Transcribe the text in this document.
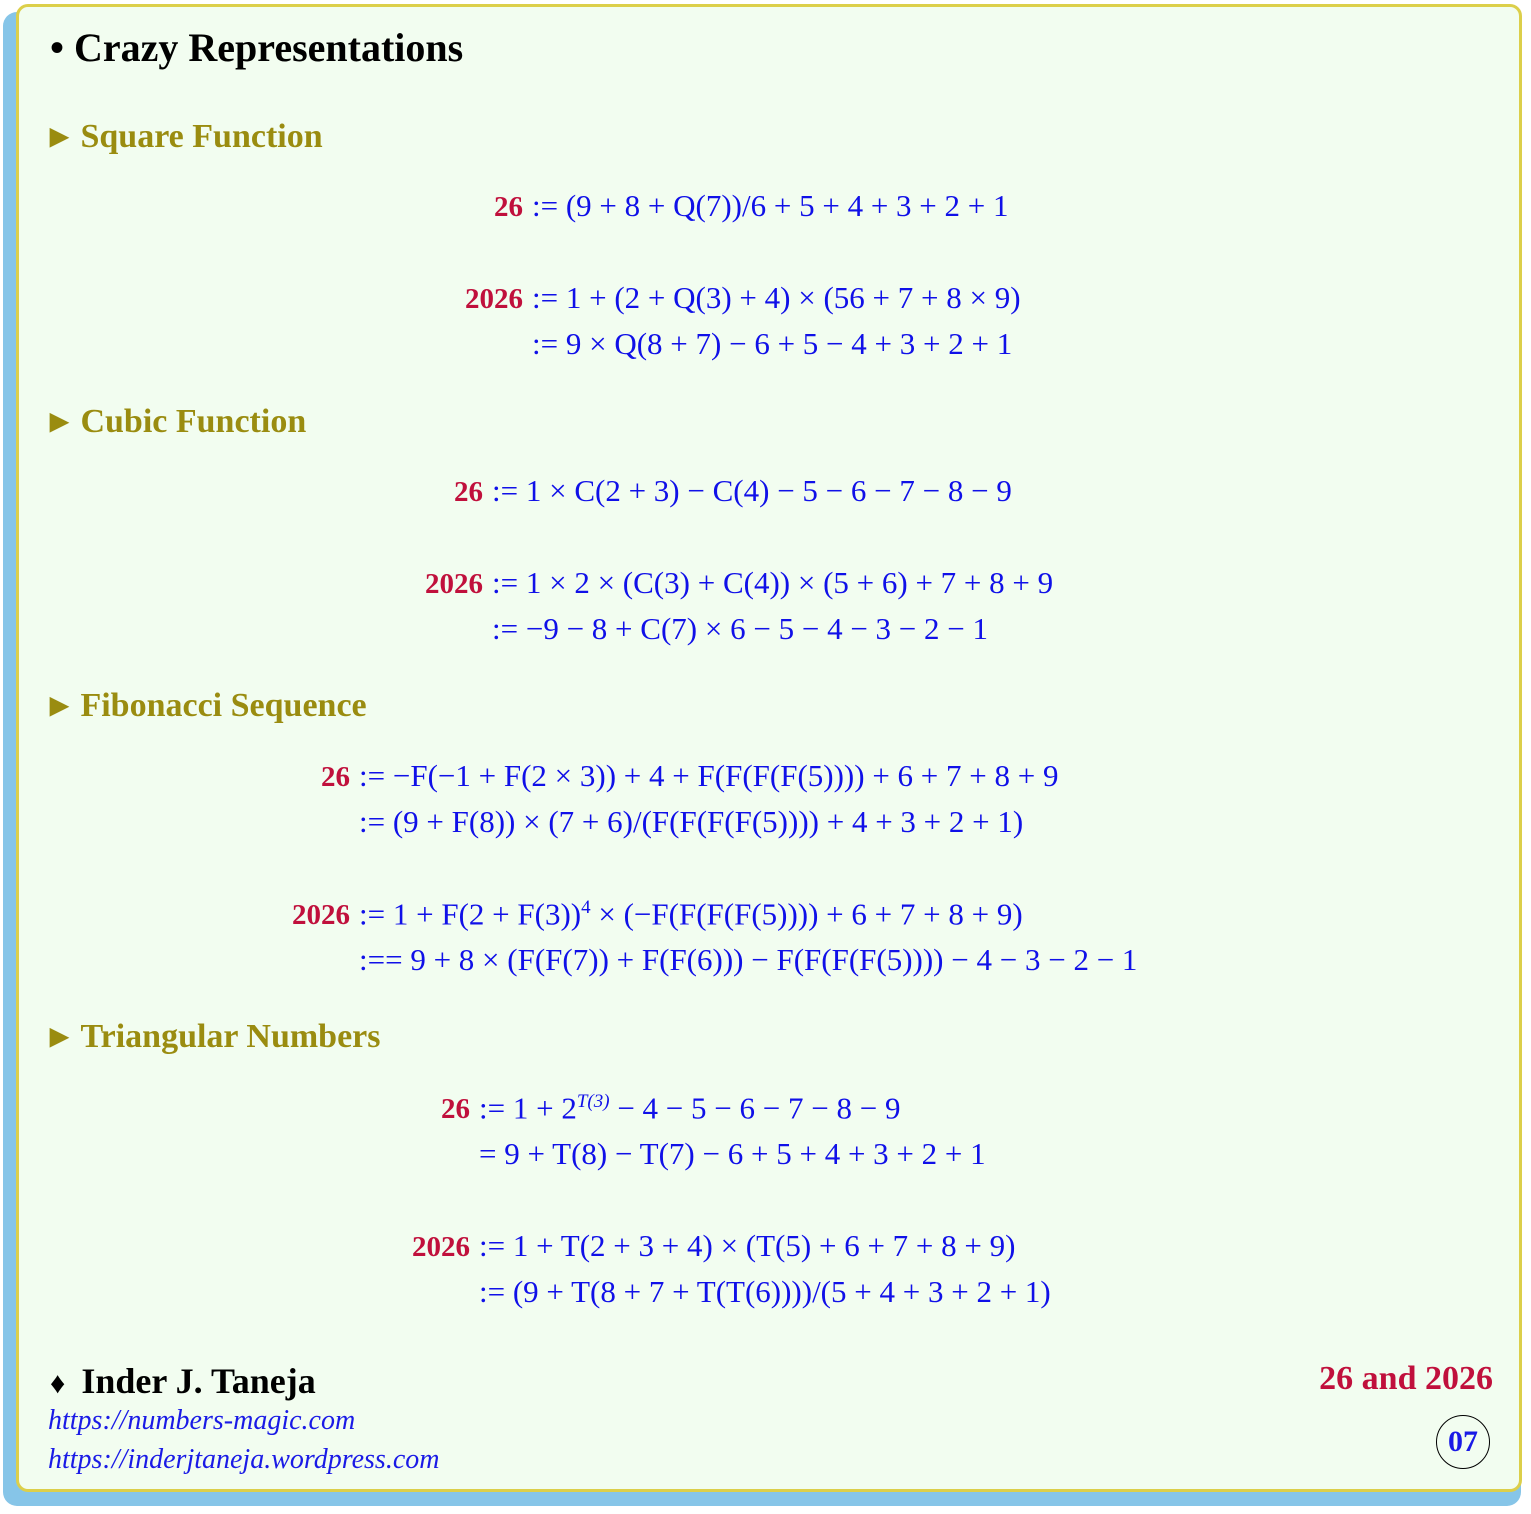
• Crazy Representations
▶ Square Function
26 := (9 + 8 + Q(7))/6 + 5 + 4 + 3 + 2 + 1
2026 := 1 + (2 + Q(3) + 4) × (56 + 7 + 8 × 9)
:= 9 × Q(8 + 7) − 6 + 5 − 4 + 3 + 2 + 1
▶ Cubic Function
26 := 1 × C(2 + 3) − C(4) − 5 − 6 − 7 − 8 − 9
2026 := 1 × 2 × (C(3) + C(4)) × (5 + 6) + 7 + 8 + 9
:= −9 − 8 + C(7) × 6 − 5 − 4 − 3 − 2 − 1
▶ Fibonacci Sequence
26 := −F(−1 + F(2 × 3)) + 4 + F(F(F(F(5)))) + 6 + 7 + 8 + 9
:= (9 + F(8)) × (7 + 6)/(F(F(F(F(5)))) + 4 + 3 + 2 + 1)
2026 := $1 + F(2 + F(3))^4 \times (-F(F(F(F(5)))) + 6 + 7 + 8 + 9)$
:== 9 + 8 × (F(F(7)) + F(F(6))) − F(F(F(F(5)))) − 4 − 3 − 2 − 1
▶ Triangular Numbers
26 := $1 + 2^{T(3)} - 4 - 5 - 6 - 7 - 8 - 9$
= 9 + T(8) − T(7) − 6 + 5 + 4 + 3 + 2 + 1
2026 := 1 + T(2 + 3 + 4) × (T(5) + 6 + 7 + 8 + 9)
:= (9 + T(8 + 7 + T(T(6))))/(5 + 4 + 3 + 2 + 1)
♦ Inder J. Taneja
https://numbers-magic.com
https://inderjtaneja.wordpress.com
26 and 2026
07
